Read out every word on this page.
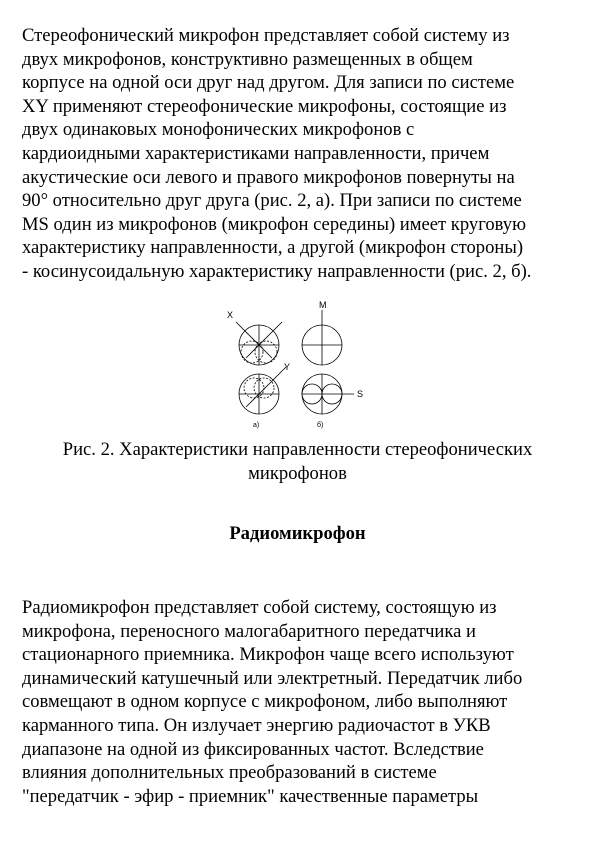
Стереофонический микрофон представляет собой систему из
двух микрофонов, конструктивно размещенных в общем
корпусе на одной оси друг над другом. Для записи по системе
XY применяют стереофонические микрофоны, состоящие из
двух одинаковых монофонических микрофонов с
кардиоидными характеристиками направленности, причем
акустические оси левого и правого микрофонов повернуты на
90° относительно друг друга (рис. 2, а). При записи по системе
MS один из микрофонов (микрофон середины) имеет круговую
характеристику направленности, а другой (микрофон стороны)
- косинусоидальную характеристику направленности (рис. 2, б).
X
M
Y
S
а)	б)
Рис. 2. Характеристики направленности стереофонических
микрофонов
Радиомикрофон
Радиомикрофон представляет собой систему, состоящую из
микрофона, переносного малогабаритного передатчика и
стационарного приемника. Микрофон чаще всего используют
динамический катушечный или электретный. Передатчик либо
совмещают в одном корпусе с микрофоном, либо выполняют
карманного типа. Он излучает энергию радиочастот в УКВ
диапазоне на одной из фиксированных частот. Вследствие
влияния дополнительных преобразований в системе
"передатчик - эфир - приемник" качественные параметры
